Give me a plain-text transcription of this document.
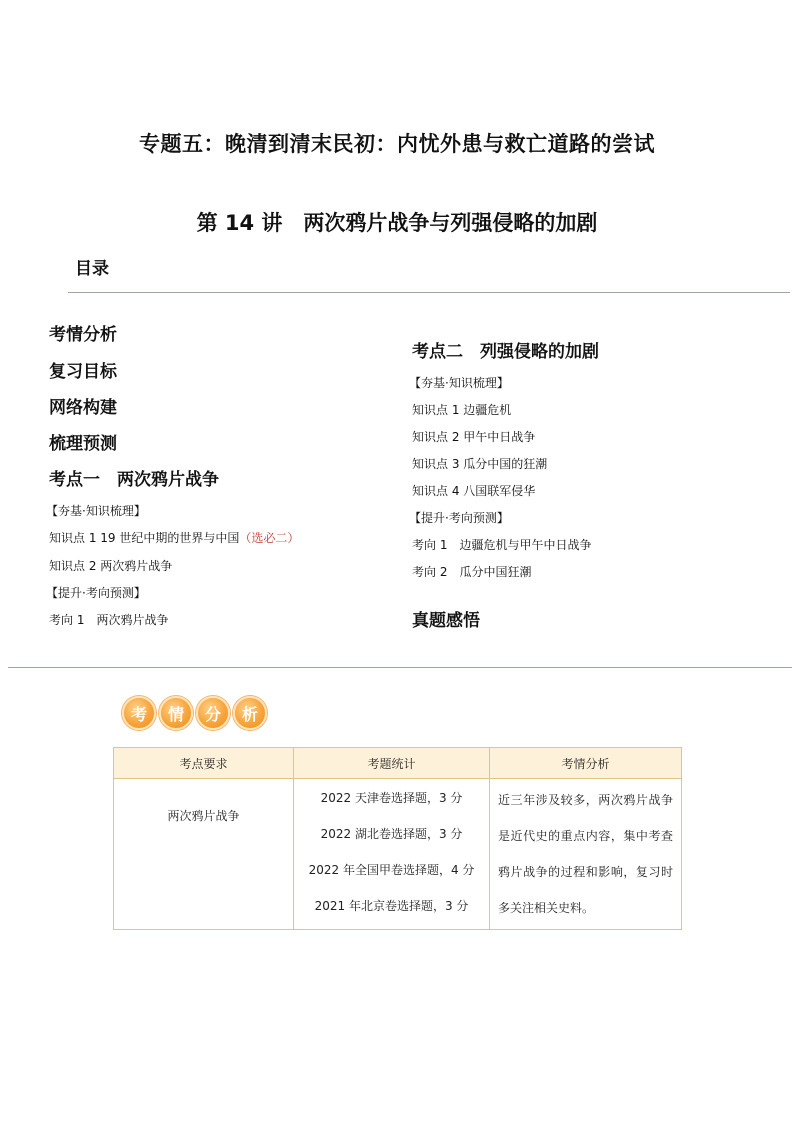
专题五：晚清到清末民初：内忧外患与救亡道路的尝试
第 14 讲　两次鸦片战争与列强侵略的加剧
目录
考情分析
复习目标
网络构建
梳理预测
考点一　两次鸦片战争
【夯基·知识梳理】
知识点 1 19 世纪中期的世界与中国（选必二）
知识点 2 两次鸦片战争
【提升·考向预测】
考向 1　两次鸦片战争
考点二　列强侵略的加剧
【夯基·知识梳理】
知识点 1 边疆危机
知识点 2 甲午中日战争
知识点 3 瓜分中国的狂潮
知识点 4 八国联军侵华
【提升·考向预测】
考向 1　边疆危机与甲午中日战争
考向 2　瓜分中国狂潮
真题感悟
考	情	分	析
考点要求	考题统计	考情分析
两次鸦片战争	2022 天津卷选择题，3 分
2022 湖北卷选择题，3 分
2022 年全国甲卷选择题，4 分
2021 年北京卷选择题，3 分	近三年涉及较多，两次鸦片战争是近代史的重点内容，集中考查鸦片战争的过程和影响，复习时多关注相关史料。
